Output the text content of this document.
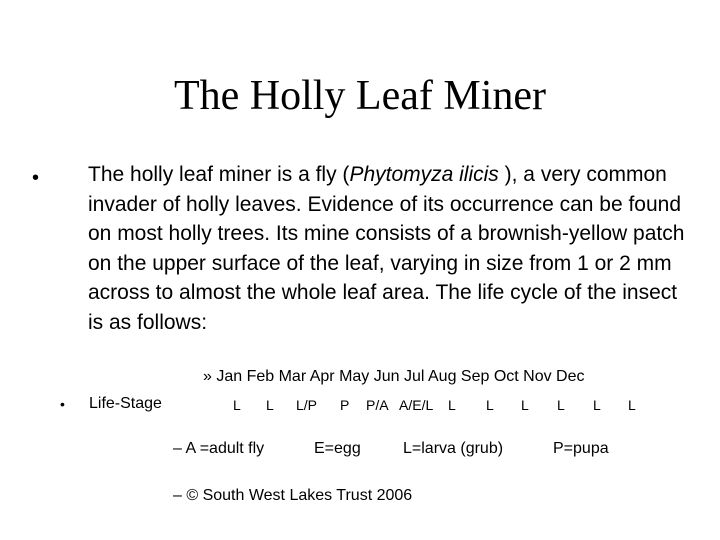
The Holly Leaf Miner
• The holly leaf miner is a fly (Phytomyza ilicis ), a very common invader of holly leaves. Evidence of its occurrence can be found on most holly trees. Its mine consists of a brownish-yellow patch on the upper surface of the leaf, varying in size from 1 or 2 mm across to almost the whole leaf area. The life cycle of the insect is as follows:
» Jan Feb Mar Apr May Jun Jul Aug Sep Oct Nov Dec
• Life-Stage	L L L/P P P/A A/E/L L L L L L L
– A =adult fly	E=egg	L=larva (grub)	P=pupa
– © South West Lakes Trust 2006
